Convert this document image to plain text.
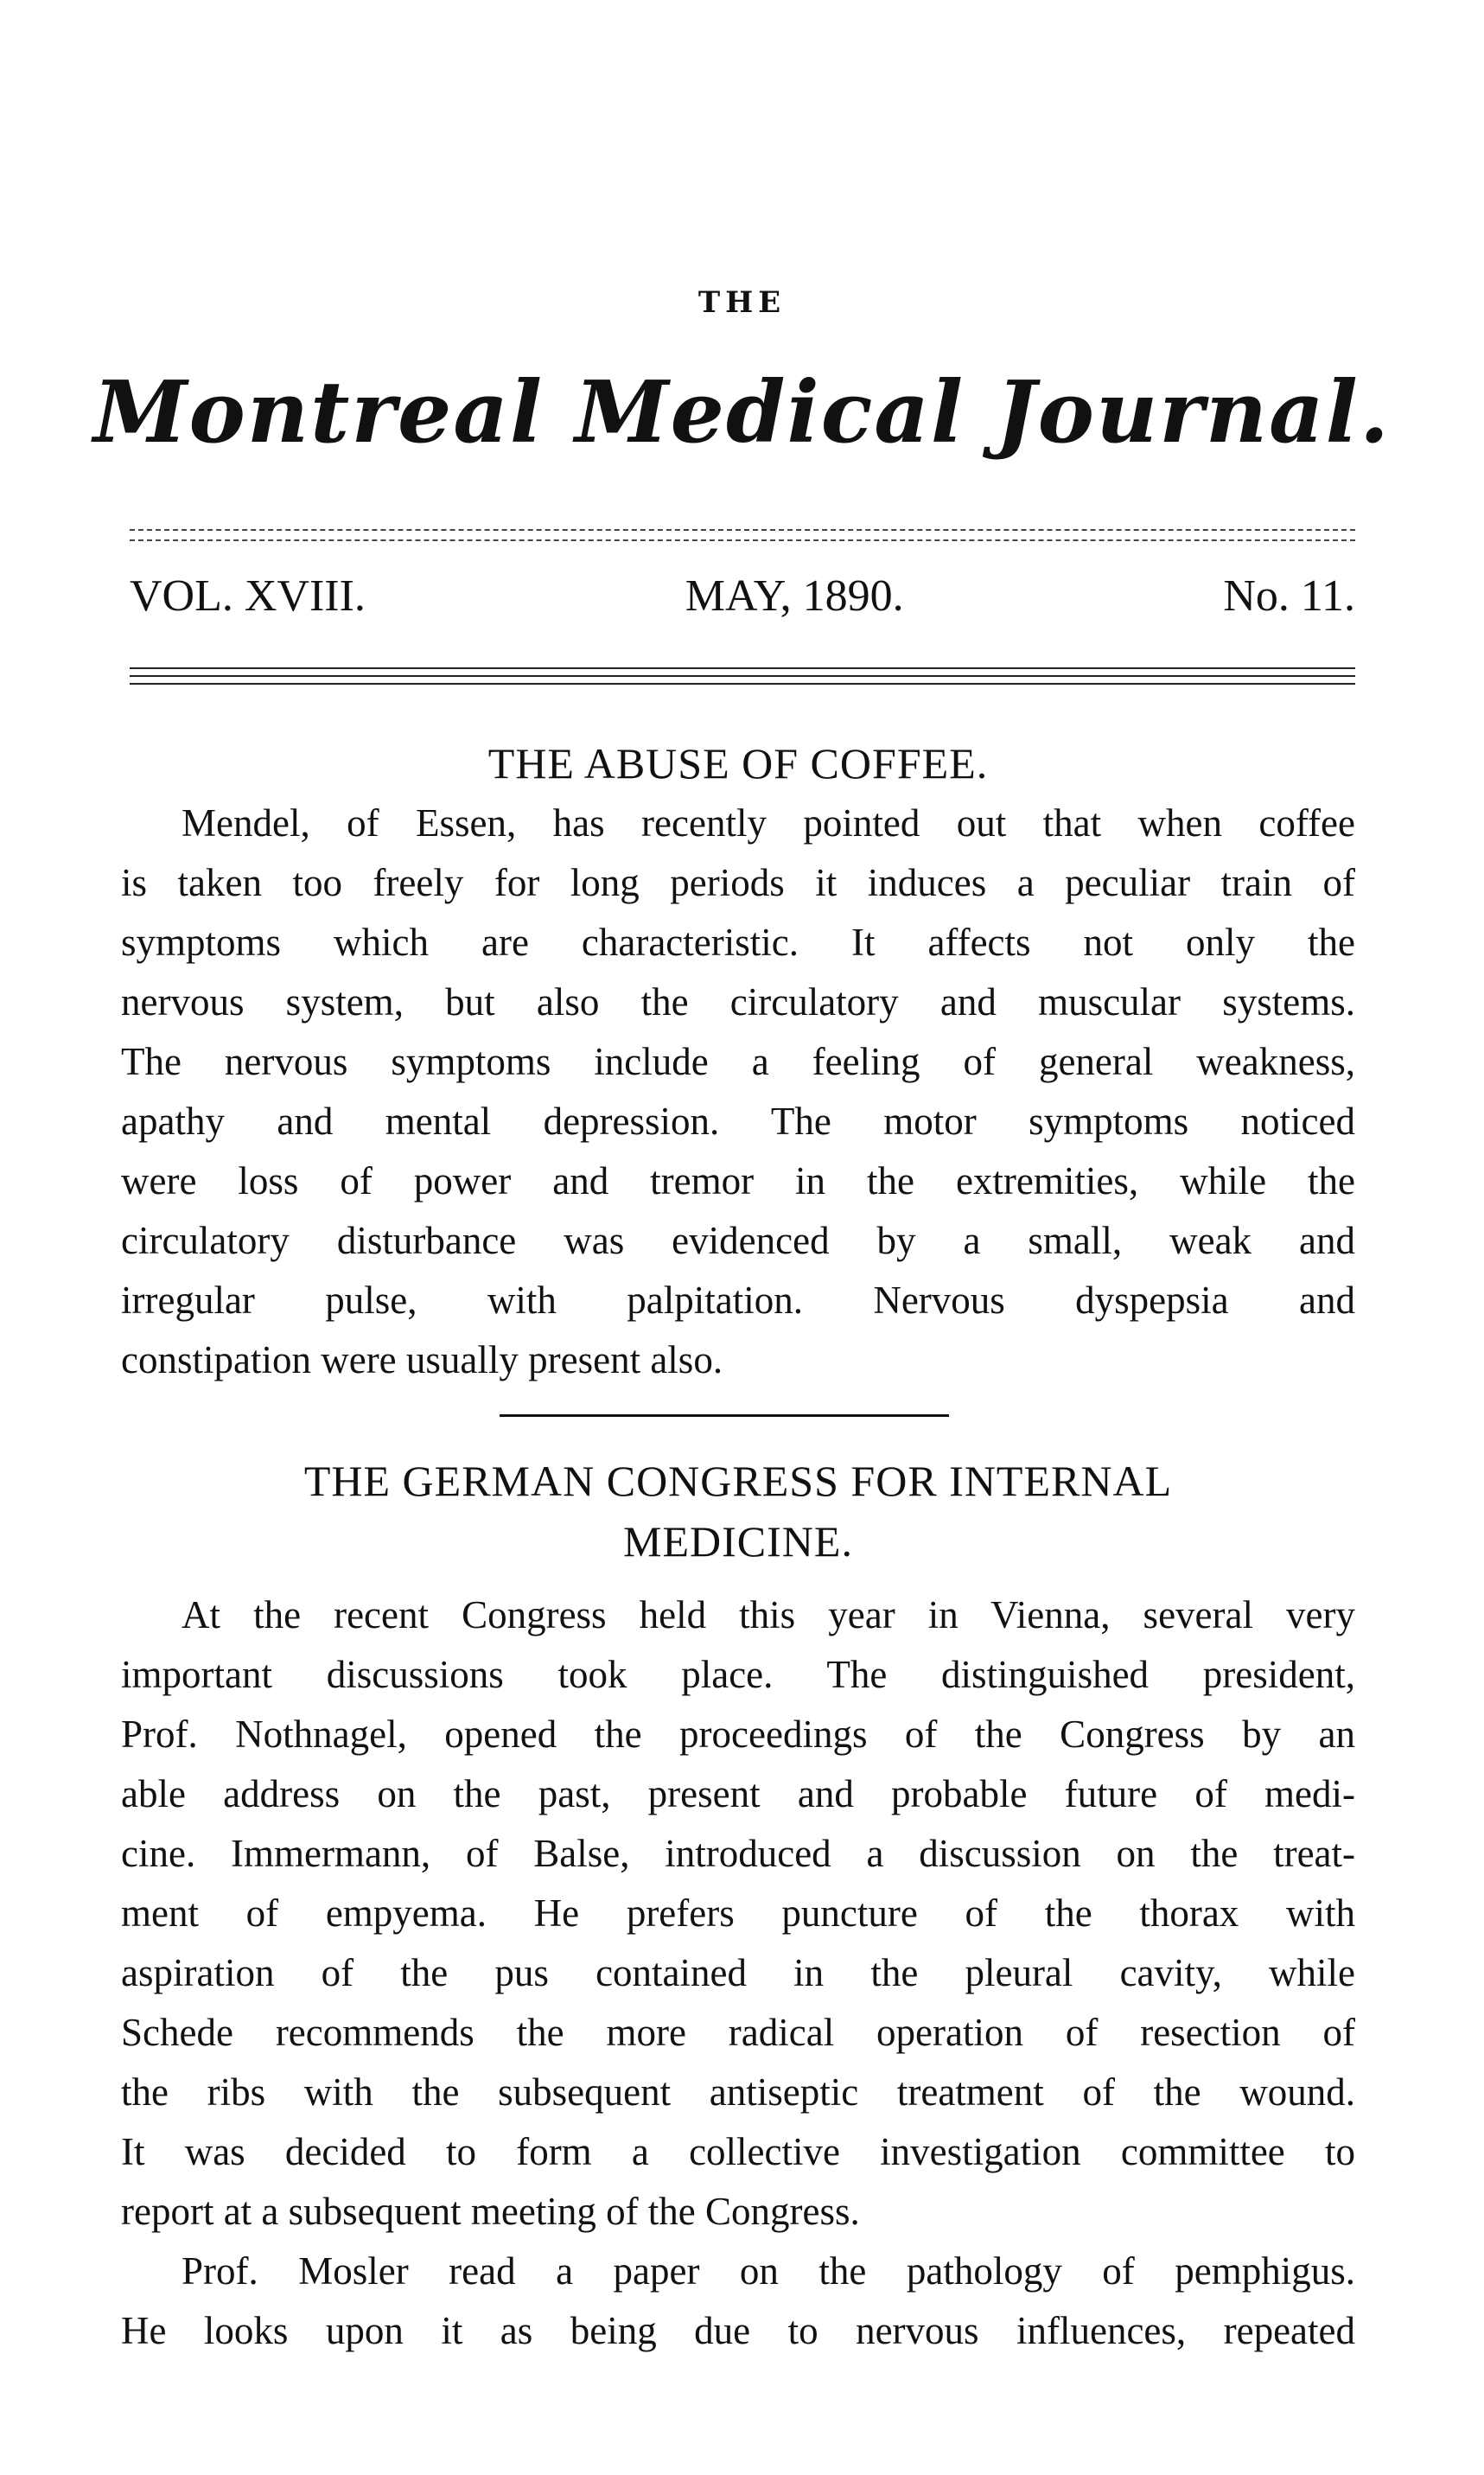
THE
Montreal Medical Journal.
VOL. XVIII.	MAY, 1890.	No. 11.
THE ABUSE OF COFFEE.
Mendel, of Essen, has recently pointed out that when coffee
is taken too freely for long periods it induces a peculiar train of
symptoms which are characteristic. It affects not only the
nervous system, but also the circulatory and muscular systems.
The nervous symptoms include a feeling of general weakness,
apathy and mental depression. The motor symptoms noticed
were loss of power and tremor in the extremities, while the
circulatory disturbance was evidenced by a small, weak and
irregular pulse, with palpitation. Nervous dyspepsia and
constipation were usually present also.
THE GERMAN CONGRESS FOR INTERNAL
MEDICINE.
At the recent Congress held this year in Vienna, several very
important discussions took place. The distinguished president,
Prof. Nothnagel, opened the proceedings of the Congress by an
able address on the past, present and probable future of medi-
cine. Immermann, of Balse, introduced a discussion on the treat-
ment of empyema. He prefers puncture of the thorax with
aspiration of the pus contained in the pleural cavity, while
Schede recommends the more radical operation of resection of
the ribs with the subsequent antiseptic treatment of the wound.
It was decided to form a collective investigation committee to
report at a subsequent meeting of the Congress.
Prof. Mosler read a paper on the pathology of pemphigus.
He looks upon it as being due to nervous influences, repeated
